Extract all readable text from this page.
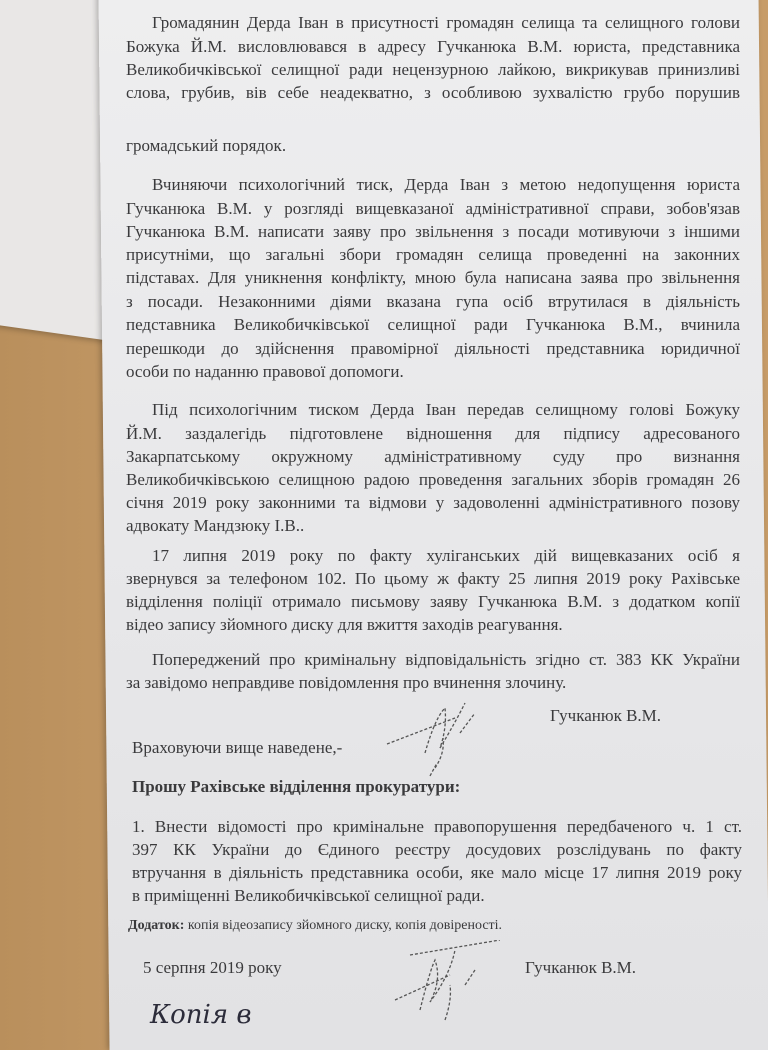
Громадянин Дерда Іван в присутності громадян селища та селищного голови
Божука Й.М. висловлювався в адресу Гучканюка В.М. юриста, представника
Великобичківської селищної ради нецензурною лайкою, викрикував принизливі
слова, грубив, вів себе неадекватно, з особливою зухвалістю грубо порушив
громадський порядок.
Вчиняючи психологічний тиск, Дерда Іван з метою недопущення юриста
Гучканюка В.М. у розгляді вищевказаної адміністративної справи, зобов'язав
Гучканюка В.М. написати заяву про звільнення з посади мотивуючи з іншими
присутніми, що загальні збори громадян селища проведенні на законних
підставах. Для уникнення конфлікту, мною була написана заява про звільнення
з посади. Незаконними діями вказана гупа осіб втрутилася в діяльність
педставника Великобичківської селищної ради Гучканюка В.М., вчинила
перешкоди до здійснення правомірної діяльності представника юридичної
особи по наданню правової допомоги.
Під психологічним тиском Дерда Іван передав селищному голові Божуку
Й.М. заздалегідь підготовлене відношення для підпису адресованого
Закарпатському окружному адміністративному суду про визнання
Великобичківською селищною радою проведення загальних зборів громадян 26
січня 2019 року законними та відмови у задоволенні адміністративного позову
адвокату Мандзюку І.В..
17 липня 2019 року по факту хуліганських дій вищевказаних осіб я
звернувся за телефоном 102. По цьому ж факту 25 липня 2019 року Рахівське
відділення поліції отримало письмову заяву Гучканюка В.М. з додатком копії
відео запису зйомного диску для вжиття заходів реагування.
Попереджений про кримінальну відповідальність згідно ст. 383 КК України
за завідомо неправдиве повідомлення про вчинення злочину.
Гучканюк В.М.
Враховуючи вище наведене,-
Прошу Рахівське відділення прокуратури:
1. Внести відомості про кримінальне правопорушення передбаченого ч. 1 ст.
397 КК України до Єдиного реєстру досудових розслідувань по факту
втручання в діяльність представника особи, яке мало місце 17 липня 2019 року
в приміщенні Великобичківської селищної ради.
Додаток: копія відеозапису зйомного диску, копія довіреності.
5 серпня 2019 року	Гучканюк В.М.
Копія в
